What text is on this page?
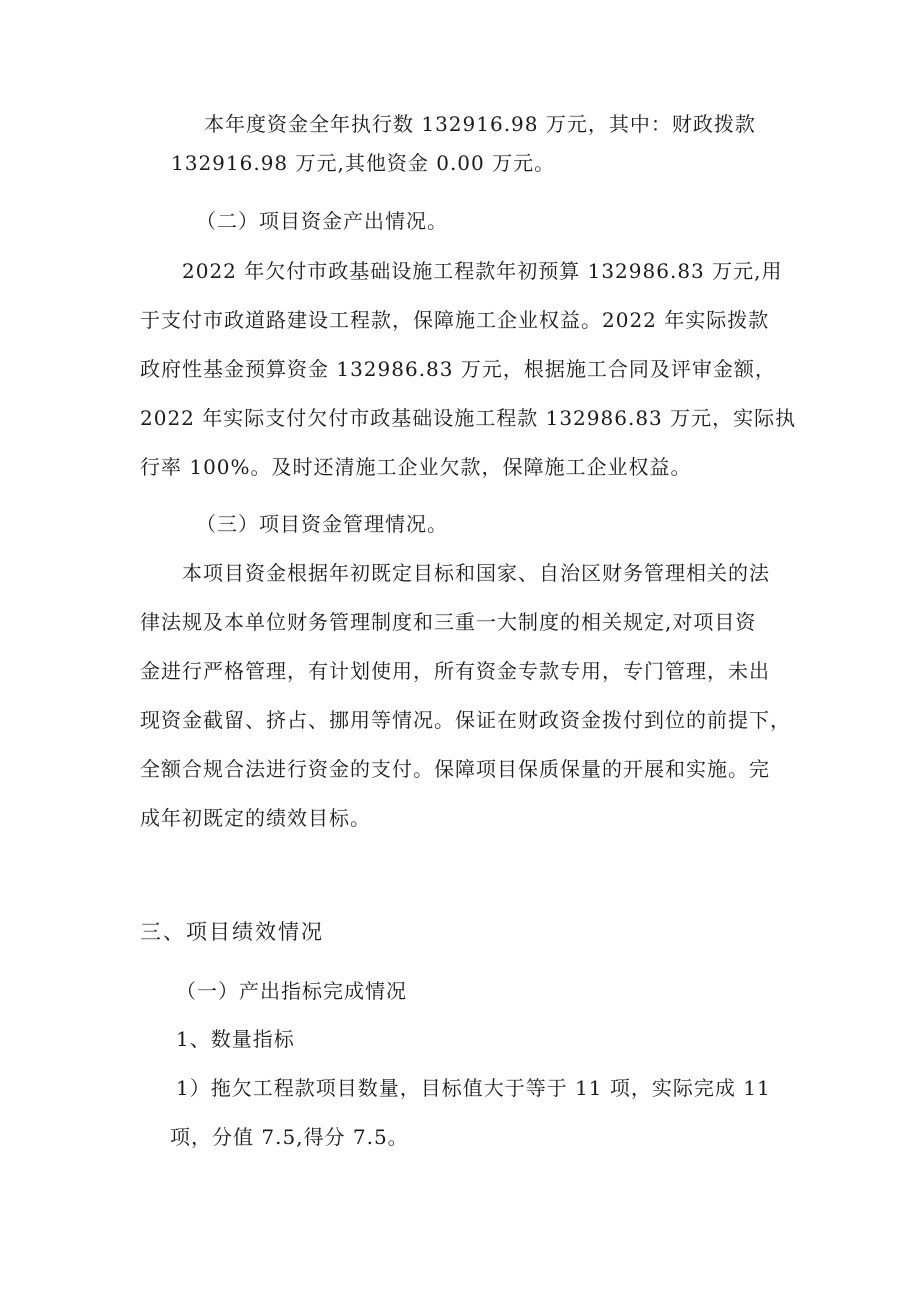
本年度资金全年执行数 132916.98 万元，其中：财政拨款
132916.98 万元,其他资金 0.00 万元。
（二）项目资金产出情况。
2022 年欠付市政基础设施工程款年初预算 132986.83 万元,用
于支付市政道路建设工程款，保障施工企业权益。2022 年实际拨款
政府性基金预算资金 132986.83 万元，根据施工合同及评审金额，
2022 年实际支付欠付市政基础设施工程款 132986.83 万元，实际执
行率 100%。及时还清施工企业欠款，保障施工企业权益。
（三）项目资金管理情况。
本项目资金根据年初既定目标和国家、自治区财务管理相关的法
律法规及本单位财务管理制度和三重一大制度的相关规定,对项目资
金进行严格管理，有计划使用，所有资金专款专用，专门管理，未出
现资金截留、挤占、挪用等情况。保证在财政资金拨付到位的前提下，
全额合规合法进行资金的支付。保障项目保质保量的开展和实施。完
成年初既定的绩效目标。
三、项目绩效情况
（一）产出指标完成情况
1、数量指标
1）拖欠工程款项目数量，目标值大于等于 11 项，实际完成 11
项，分值 7.5,得分 7.5。
